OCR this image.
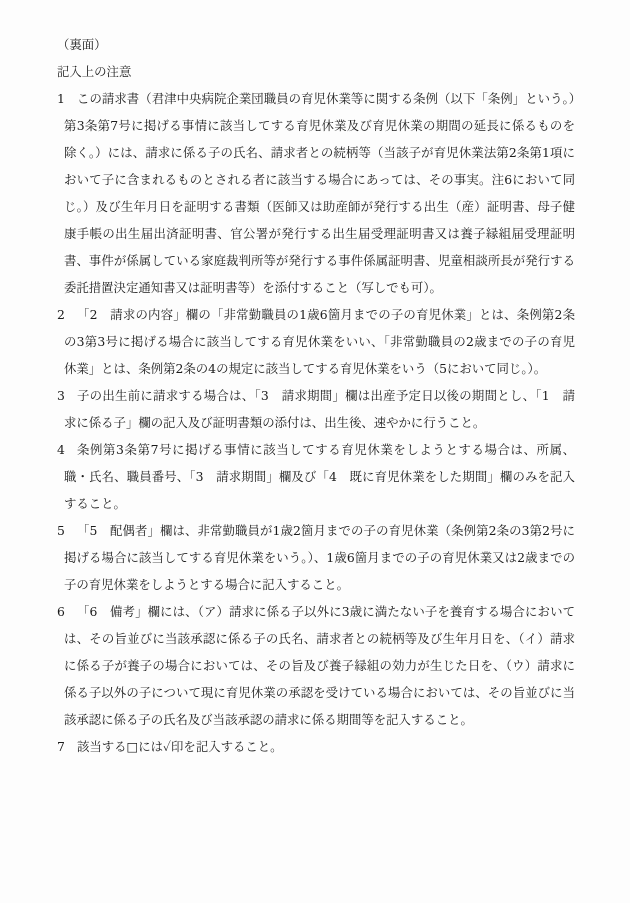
（裏面）
記入上の注意
1 この請求書（君津中央病院企業団職員の育児休業等に関する条例（以下「条例」という。）第3条第7号に掲げる事情に該当してする育児休業及び育児休業の期間の延長に係るものを除く。）には、請求に係る子の氏名、請求者との続柄等（当該子が育児休業法第2条第1項において子に含まれるものとされる者に該当する場合にあっては、その事実。注6において同じ。）及び生年月日を証明する書類（医師又は助産師が発行する出生（産）証明書、母子健康手帳の出生届出済証明書、官公署が発行する出生届受理証明書又は養子縁組届受理証明書、事件が係属している家庭裁判所等が発行する事件係属証明書、児童相談所長が発行する委託措置決定通知書又は証明書等）を添付すること（写しでも可）。
2 「2　請求の内容」欄の「非常勤職員の1歳6箇月までの子の育児休業」とは、条例第2条の3第3号に掲げる場合に該当してする育児休業をいい、「非常勤職員の2歳までの子の育児休業」とは、条例第2条の4の規定に該当してする育児休業をいう（5において同じ。）。
3 子の出生前に請求する場合は、「3　請求期間」欄は出産予定日以後の期間とし、「1　請求に係る子」欄の記入及び証明書類の添付は、出生後、速やかに行うこと。
4 条例第3条第7号に掲げる事情に該当してする育児休業をしようとする場合は、所属、職・氏名、職員番号、「3　請求期間」欄及び「4　既に育児休業をした期間」欄のみを記入すること。
5 「5　配偶者」欄は、非常勤職員が1歳2箇月までの子の育児休業（条例第2条の3第2号に掲げる場合に該当してする育児休業をいう。）、1歳6箇月までの子の育児休業又は2歳までの子の育児休業をしようとする場合に記入すること。
6 「6　備考」欄には、（ア）請求に係る子以外に3歳に満たない子を養育する場合においては、その旨並びに当該承認に係る子の氏名、請求者との続柄等及び生年月日を、（イ）請求に係る子が養子の場合においては、その旨及び養子縁組の効力が生じた日を、（ウ）請求に係る子以外の子について現に育児休業の承認を受けている場合においては、その旨並びに当該承認に係る子の氏名及び当該承認の請求に係る期間等を記入すること。
7 該当する□には✓印を記入すること。
